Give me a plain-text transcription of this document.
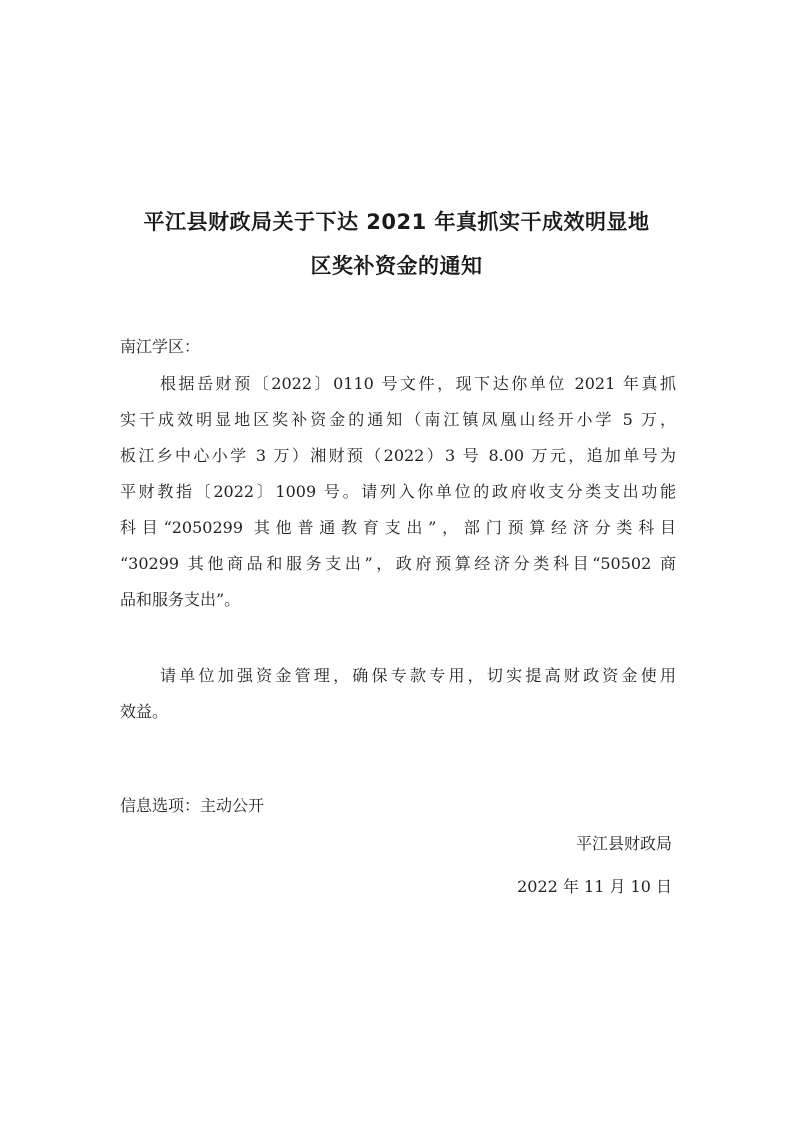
平江县财政局关于下达 2021 年真抓实干成效明显地
区奖补资金的通知
南江学区：
根据岳财预〔2022〕0110 号文件，现下达你单位 2021 年真抓
实干成效明显地区奖补资金的通知（南江镇凤凰山经开小学 5 万，
板江乡中心小学 3 万）湘财预（2022）3 号 8.00 万元，追加单号为
平财教指〔2022〕1009 号。请列入你单位的政府收支分类支出功能
科目“2050299 其他普通教育支出”，部门预算经济分类科目
“30299 其他商品和服务支出”，政府预算经济分类科目“50502 商
品和服务支出”。
请单位加强资金管理，确保专款专用，切实提高财政资金使用
效益。
信息选项：主动公开
平江县财政局
2022 年 11 月 10 日
